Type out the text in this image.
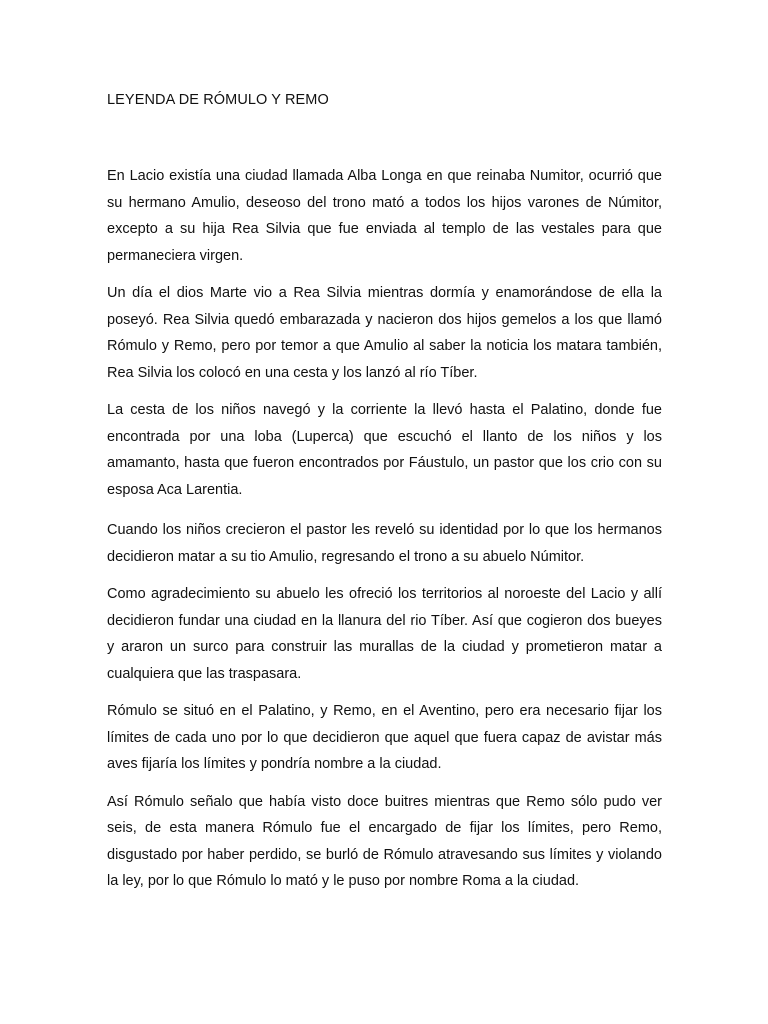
LEYENDA DE RÓMULO Y REMO

En Lacio existía una ciudad llamada Alba Longa en que reinaba Numitor, ocurrió que su hermano Amulio, deseoso del trono mató a todos los hijos varones de Númitor, excepto a su hija Rea Silvia que fue enviada al templo de las vestales para que permaneciera virgen.

Un día el dios Marte vio a Rea Silvia mientras dormía y enamorándose de ella la poseyó. Rea Silvia quedó embarazada y nacieron dos hijos gemelos a los que llamó Rómulo y Remo, pero por temor a que Amulio al saber la noticia los matara también, Rea Silvia los colocó en una cesta y los lanzó al río Tíber.

La cesta de los niños navegó y la corriente la llevó hasta el Palatino, donde fue encontrada por una loba (Luperca) que escuchó el llanto de los niños y los amamanto, hasta que fueron encontrados por Fáustulo, un pastor que los crio con su esposa Aca Larentia.

Cuando los niños crecieron el pastor les reveló su identidad por lo que los hermanos decidieron matar a su tio Amulio, regresando el trono a su abuelo Númitor.

Como agradecimiento su abuelo les ofreció los territorios al noroeste del Lacio y allí decidieron fundar una ciudad en la llanura del rio Tíber. Así que cogieron dos bueyes y araron un surco para construir las murallas de la ciudad y prometieron matar a cualquiera que las traspasara.

Rómulo se situó en el Palatino, y Remo, en el Aventino, pero era necesario fijar los límites de cada uno por lo que decidieron que aquel que fuera capaz de avistar más aves fijaría los límites y pondría nombre a la ciudad.

Así Rómulo señalo que había visto doce buitres mientras que Remo sólo pudo ver seis, de esta manera Rómulo fue el encargado de fijar los límites, pero Remo, disgustado por haber perdido, se burló de Rómulo atravesando sus límites y violando la ley, por lo que Rómulo lo mató y le puso por nombre Roma a la ciudad.
